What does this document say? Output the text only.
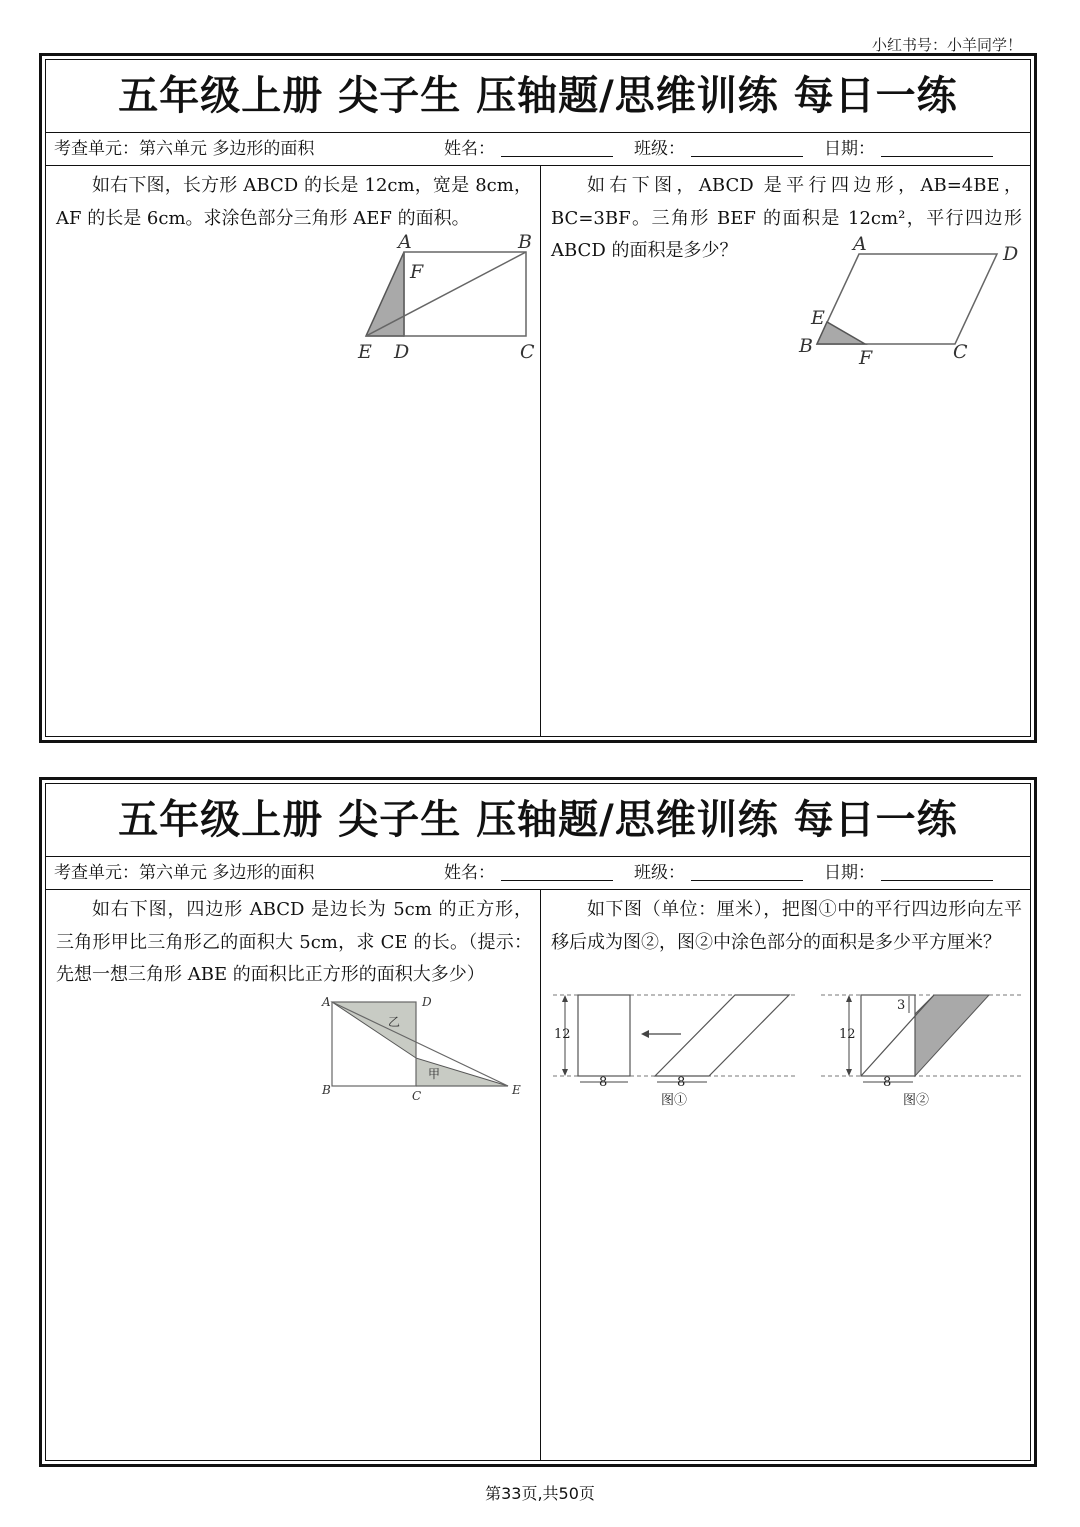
小红书号：小羊同学！
五年级上册 尖子生 压轴题/思维训练 每日一练
考查单元：第六单元 多边形的面积	姓名：	班级：	日期：

如右下图，长方形 ABCD 的长是 12cm，宽是 8cm，AF 的长是 6cm。求涂色部分三角形 AEF 的面积。

A	B
F
E D	C

如右下图，ABCD 是平行四边形，AB=4BE，BC=3BF。三角形 BEF 的面积是 12cm²，平行四边形 ABCD 的面积是多少？	A	D
E
B
F	C
五年级上册 尖子生 压轴题/思维训练 每日一练
考查单元：第六单元 多边形的面积	姓名：	班级：	日期：

如右下图，四边形 ABCD 是边长为 5cm 的正方形，三角形甲比三角形乙的面积大 5cm，求 CE 的长。（提示：先想一想三角形 ABE 的面积比正方形的面积大多少）

A	D
B	C	E
乙
甲

如下图（单位：厘米），把图①中的平行四边形向左平移后成为图②，图②中涂色部分的面积是多少平方厘米？

12
8	8
图①
12
3
8
图②
第33页,共50页
